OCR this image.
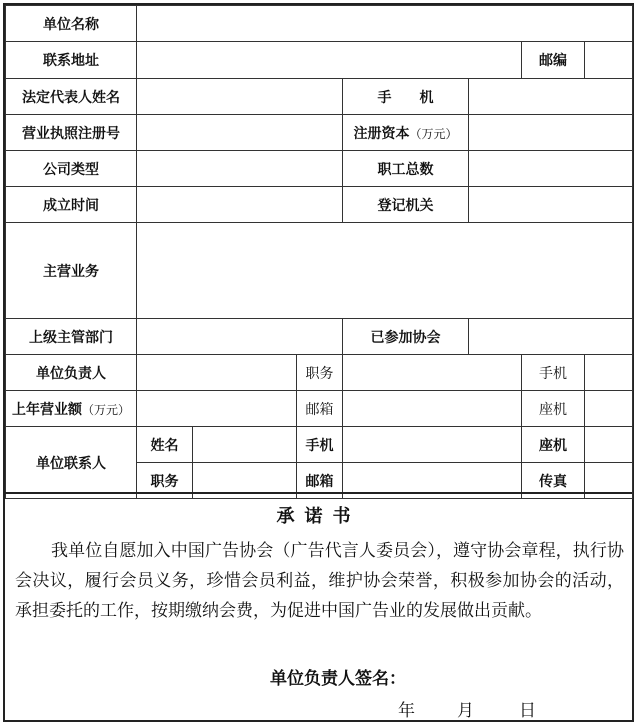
单位名称							
联系地址						邮编	
法定代表人姓名				手　　机			
营业执照注册号				注册资本（万元）			
公司类型				职工总数			
成立时间				登记机关			
主营业务							
上级主管部门				已参加协会			
单位负责人			职务			手机	
上年营业额（万元）			邮箱			座机	
单位联系人	姓名		手机			座机	
	职务		邮箱			传真	
承诺书
我单位自愿加入中国广告协会（广告代言人委员会），遵守协会章程，执行协会决议，履行会员义务，珍惜会员利益，维护协会荣誉，积极参加协会的活动，承担委托的工作，按期缴纳会费，为促进中国广告业的发展做出贡献。
单位负责人签名：
年 月	日
